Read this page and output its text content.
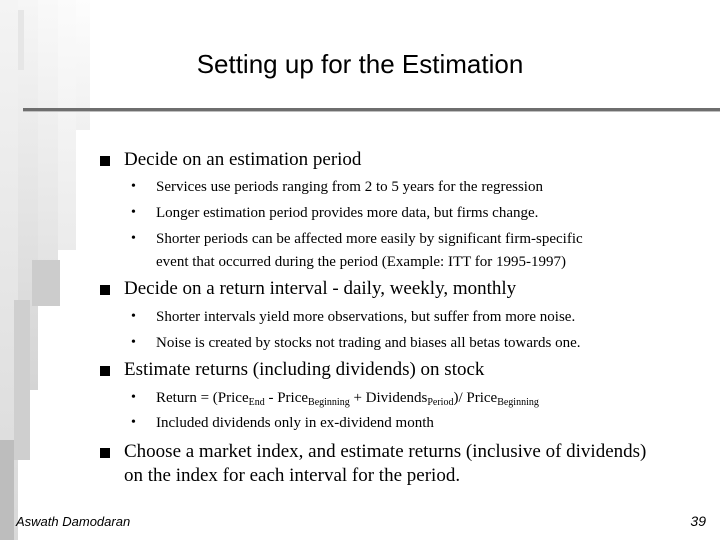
Setting up for the Estimation
Decide on an estimation period
• Services use periods ranging from 2 to 5 years for the regression
• Longer estimation period provides more data, but firms change.
• Shorter periods can be affected more easily by significant firm-specific
event that occurred during the period (Example: ITT for 1995-1997)
Decide on a return interval - daily, weekly, monthly
• Shorter intervals yield more observations, but suffer from more noise.
• Noise is created by stocks not trading and biases all betas towards one.
Estimate returns (including dividends) on stock
• Return = (Price$_{End}$ - Price$_{Beginning}$ + Dividends$_{Period}$)/ Price$_{Beginning}$
• Included dividends only in ex-dividend month
Choose a market index, and estimate returns (inclusive of dividends)
on the index for each interval for the period.
Aswath Damodaran	39
